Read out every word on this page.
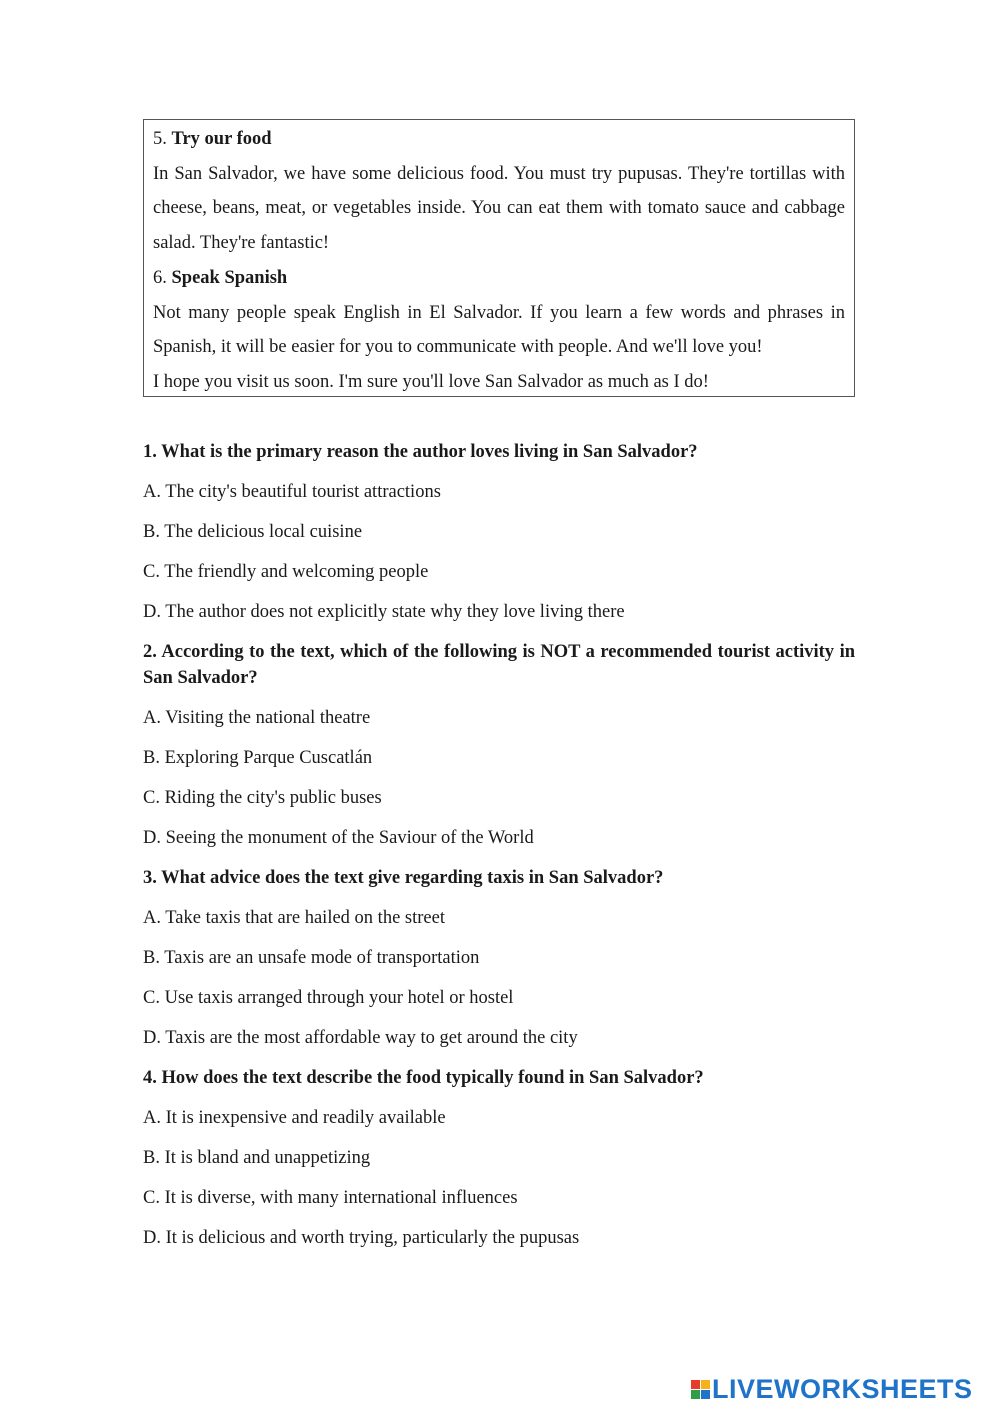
5. Try our food

In San Salvador, we have some delicious food. You must try pupusas. They're tortillas with cheese, beans, meat, or vegetables inside. You can eat them with tomato sauce and cabbage salad. They're fantastic!

6. Speak Spanish

Not many people speak English in El Salvador. If you learn a few words and phrases in Spanish, it will be easier for you to communicate with people. And we'll love you!

I hope you visit us soon. I'm sure you'll love San Salvador as much as I do!

1. What is the primary reason the author loves living in San Salvador?

A. The city's beautiful tourist attractions

B. The delicious local cuisine

C. The friendly and welcoming people

D. The author does not explicitly state why they love living there

2. According to the text, which of the following is NOT a recommended tourist activity in San Salvador?

A. Visiting the national theatre

B. Exploring Parque Cuscatlán

C. Riding the city's public buses

D. Seeing the monument of the Saviour of the World

3. What advice does the text give regarding taxis in San Salvador?

A. Take taxis that are hailed on the street

B. Taxis are an unsafe mode of transportation

C. Use taxis arranged through your hotel or hostel

D. Taxis are the most affordable way to get around the city

4. How does the text describe the food typically found in San Salvador?

A. It is inexpensive and readily available

B. It is bland and unappetizing

C. It is diverse, with many international influences

D. It is delicious and worth trying, particularly the pupusas

LIVEWORKSHEETS
